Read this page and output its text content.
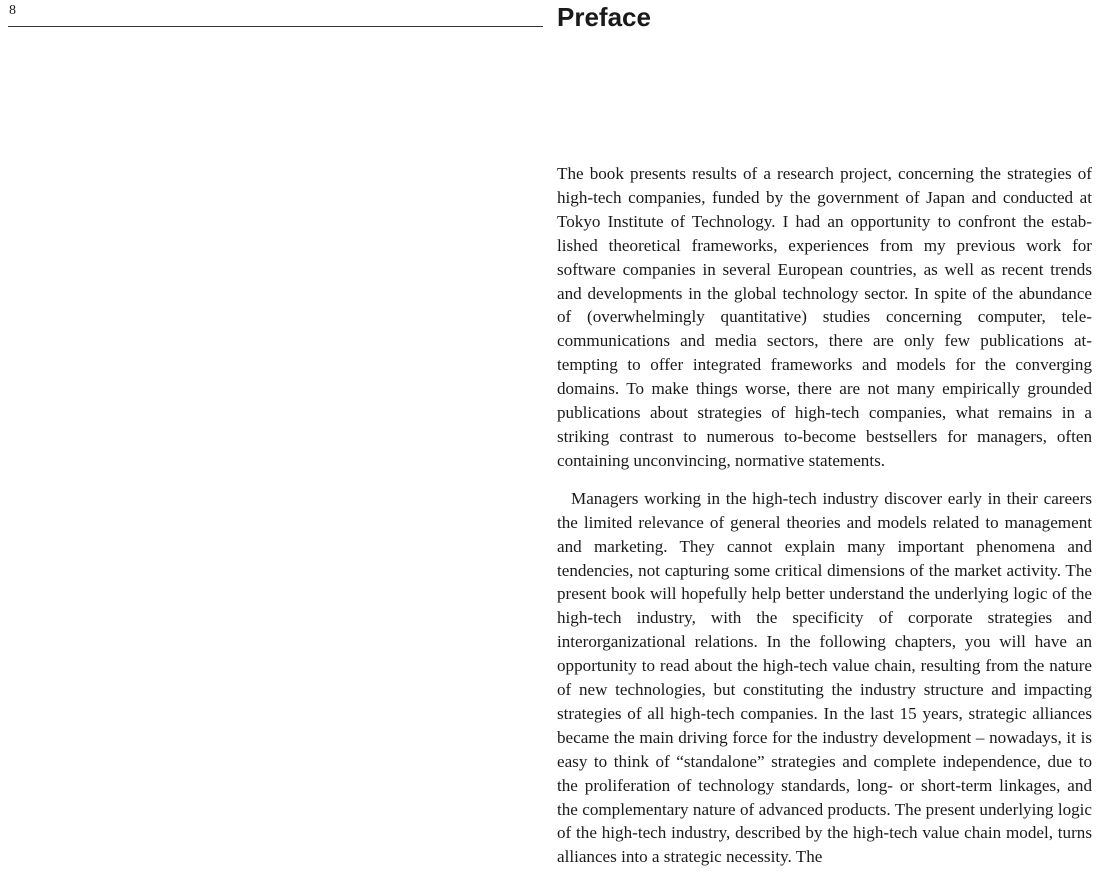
8	Preface

The book presents results of a research project, concerning the strategies of high-tech companies, funded by the government of Japan and conducted at Tokyo Institute of Technology. I had an opportunity to confront the established theoretical frameworks, experiences from my previous work for software companies in several European countries, as well as recent trends and developments in the global technology sector. In spite of the abundance of (overwhelmingly quantitative) studies concerning computer, telecommunications and media sectors, there are only few publications attempting to offer integrated frameworks and models for the converging domains. To make things worse, there are not many empirically grounded publications about strategies of high-tech companies, what remains in a striking contrast to numerous to-become bestsellers for managers, often containing unconvincing, normative statements.

Managers working in the high-tech industry discover early in their careers the limited relevance of general theories and models related to management and marketing. They cannot explain many important phenomena and tendencies, not capturing some critical dimensions of the market activity. The present book will hopefully help better understand the underlying logic of the high-tech industry, with the specificity of corporate strategies and interorganizational relations. In the following chapters, you will have an opportunity to read about the high-tech value chain, resulting from the nature of new technologies, but constituting the industry structure and impacting strategies of all high-tech companies. In the last 15 years, strategic alliances became the main driving force for the industry development – nowadays, it is easy to think of “standalone” strategies and complete independence, due to the proliferation of technology standards, long- or short-term linkages, and the complementary nature of advanced products. The present underlying logic of the high-tech industry, described by the high-tech value chain model, turns alliances into a strategic necessity. The
